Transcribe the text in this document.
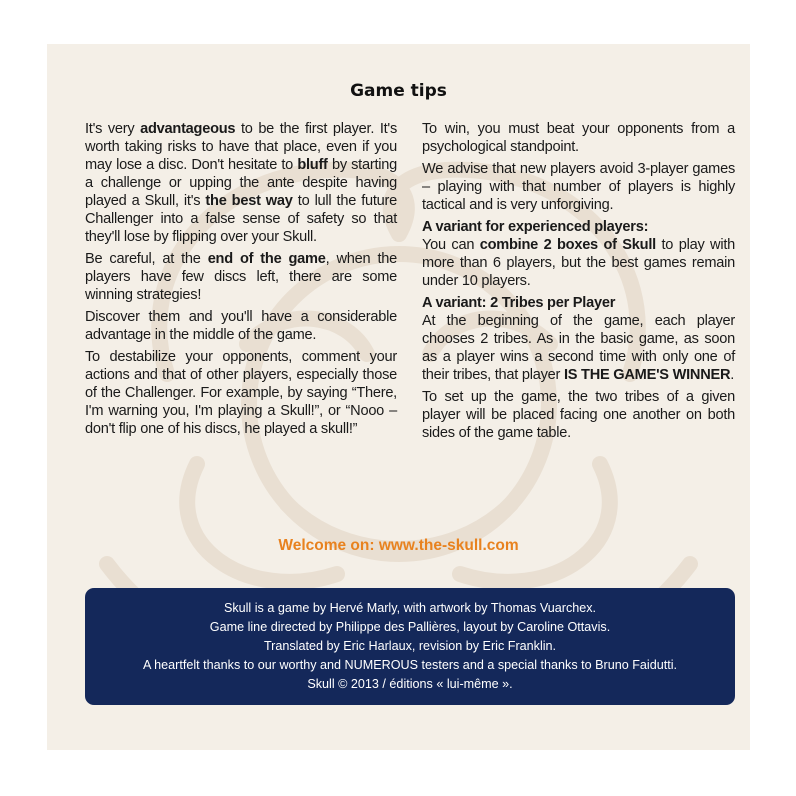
Game tips

It's very advantageous to be the first player. It's worth taking risks to have that place, even if you may lose a disc. Don't hesitate to bluff by starting a challenge or upping the ante despite having played a Skull, it's the best way to lull the future Challenger into a false sense of safety so that they'll lose by flipping over your Skull.

Be careful, at the end of the game, when the players have few discs left, there are some winning strategies!

Discover them and you'll have a considerable advantage in the middle of the game.

To destabilize your opponents, comment your actions and that of other players, especially those of the Challenger. For example, by saying “There, I'm warning you, I'm playing a Skull!”, or “Nooo – don't flip one of his discs, he played a skull!”

To win, you must beat your opponents from a psychological standpoint.

We advise that new players avoid 3-player games – playing with that number of players is highly tactical and is very unforgiving.

A variant for experienced players:

You can combine 2 boxes of Skull to play with more than 6 players, but the best games remain under 10 players.

A variant: 2 Tribes per Player

At the beginning of the game, each player chooses 2 tribes. As in the basic game, as soon as a player wins a second time with only one of their tribes, that player IS THE GAME'S WINNER.

To set up the game, the two tribes of a given player will be placed facing one another on both sides of the game table.

Welcome on: www.the-skull.com
Skull is a game by Hervé Marly, with artwork by Thomas Vuarchex.
Game line directed by Philippe des Pallières, layout by Caroline Ottavis.
Translated by Eric Harlaux, revision by Eric Franklin.
A heartfelt thanks to our worthy and NUMEROUS testers and a special thanks to Bruno Faidutti.
Skull © 2013 / éditions « lui-même ».
